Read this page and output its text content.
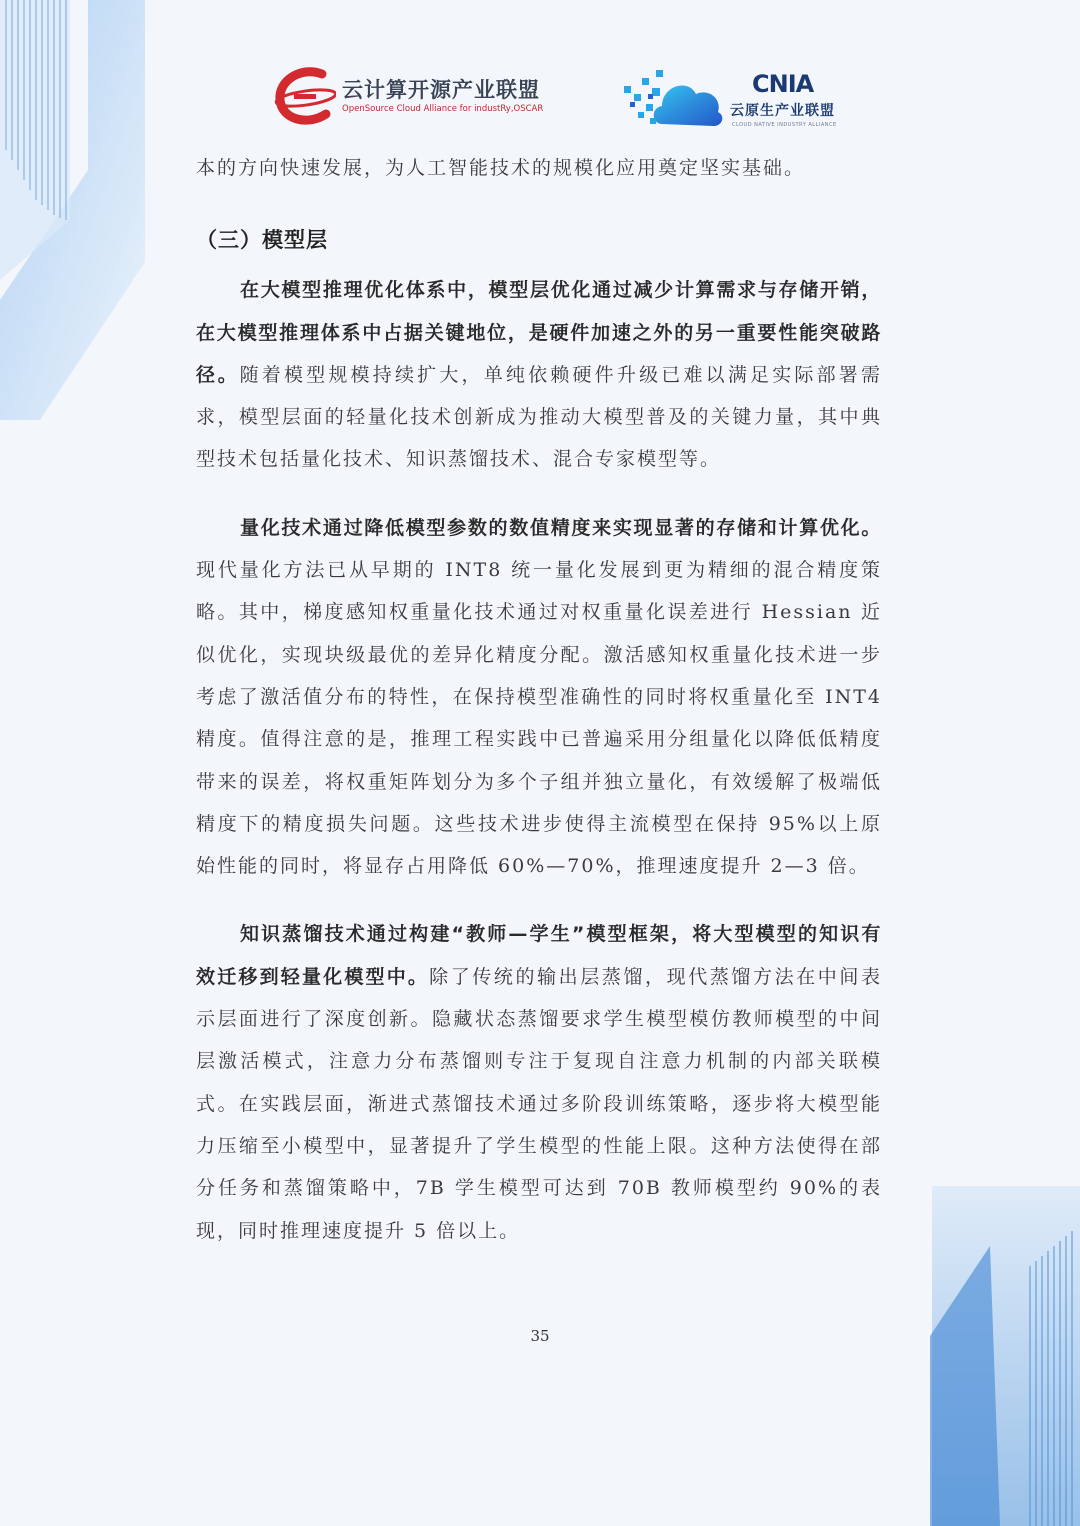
云计算开源产业联盟
OpenSource Cloud Alliance for industRy,OSCAR
CNIA
云原生产业联盟
CLOUD NATIVE INDUSTRY ALLIANCE

本的方向快速发展，为人工智能技术的规模化应用奠定坚实基础。

（三）模型层

在大模型推理优化体系中，模型层优化通过减少计算需求与存储开销，在大模型推理体系中占据关键地位，是硬件加速之外的另一重要性能突破路径。随着模型规模持续扩大，单纯依赖硬件升级已难以满足实际部署需求，模型层面的轻量化技术创新成为推动大模型普及的关键力量，其中典型技术包括量化技术、知识蒸馏技术、混合专家模型等。

量化技术通过降低模型参数的数值精度来实现显著的存储和计算优化。现代量化方法已从早期的 INT8 统一量化发展到更为精细的混合精度策略。其中，梯度感知权重量化技术通过对权重量化误差进行 Hessian 近似优化，实现块级最优的差异化精度分配。激活感知权重量化技术进一步考虑了激活值分布的特性，在保持模型准确性的同时将权重量化至 INT4 精度。值得注意的是，推理工程实践中已普遍采用分组量化以降低低精度带来的误差，将权重矩阵划分为多个子组并独立量化，有效缓解了极端低精度下的精度损失问题。这些技术进步使得主流模型在保持 95%以上原始性能的同时，将显存占用降低 60%—70%，推理速度提升 2—3 倍。

知识蒸馏技术通过构建“教师—学生”模型框架，将大型模型的知识有效迁移到轻量化模型中。除了传统的输出层蒸馏，现代蒸馏方法在中间表示层面进行了深度创新。隐藏状态蒸馏要求学生模型模仿教师模型的中间层激活模式，注意力分布蒸馏则专注于复现自注意力机制的内部关联模式。在实践层面，渐进式蒸馏技术通过多阶段训练策略，逐步将大模型能力压缩至小模型中，显著提升了学生模型的性能上限。这种方法使得在部分任务和蒸馏策略中，7B 学生模型可达到 70B 教师模型约 90%的表现，同时推理速度提升 5 倍以上。

35
